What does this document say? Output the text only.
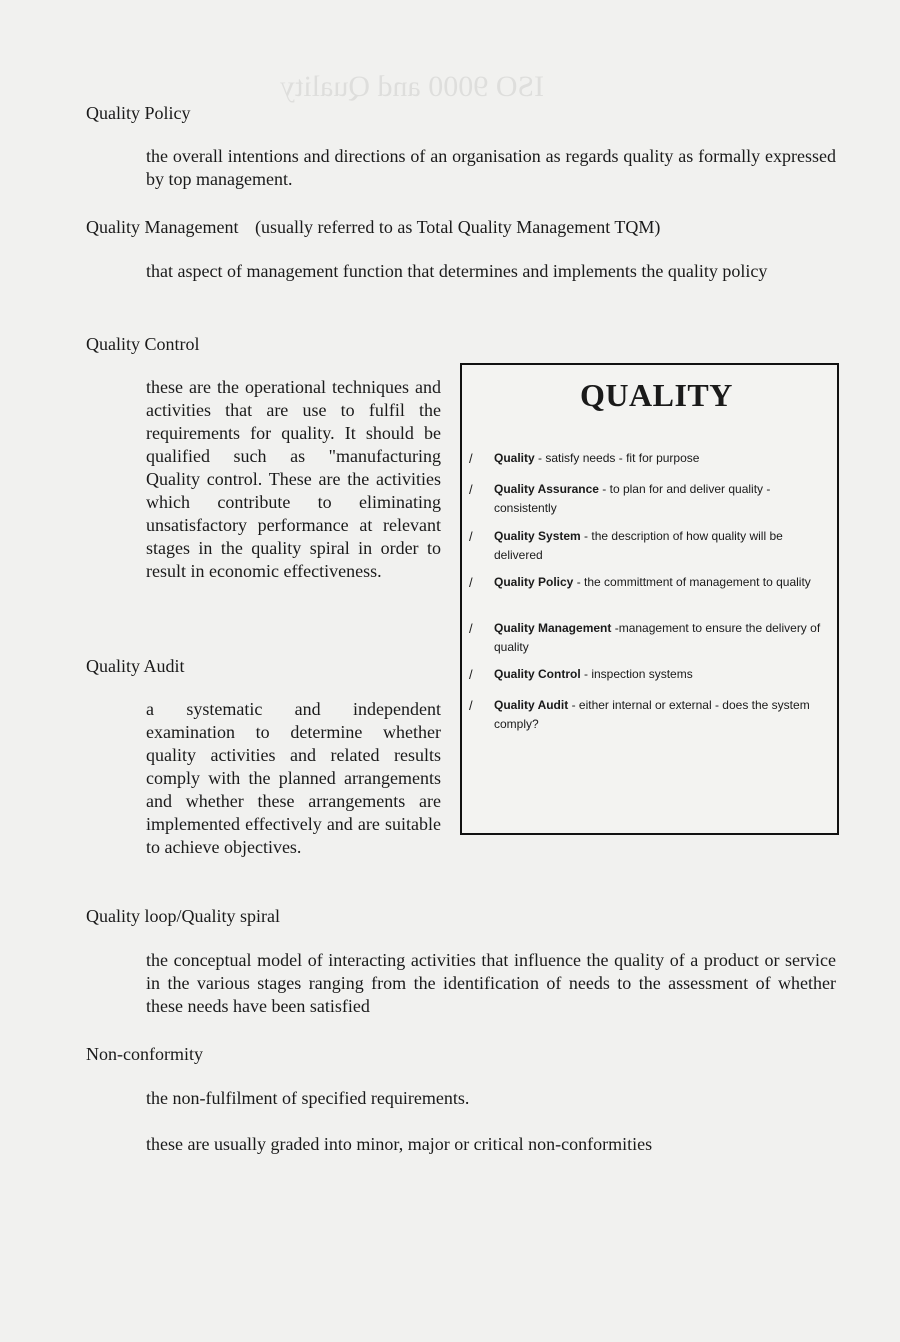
ISO 9000 and Quality
Quality Policy
the overall intentions and directions of an organisation as regards quality as formally expressed by top management.
Quality Management (usually referred to as Total Quality Management TQM)
that aspect of management function that determines and implements the quality policy
Quality Control
these are the operational techniques and activities that are use to fulfil the requirements for quality. It should be qualified such as "manufacturing Quality control. These are the activities which contribute to eliminating unsatisfactory performance at relevant stages in the quality spiral in order to result in economic effectiveness.
Quality Audit
a systematic and independent examination to determine whether quality activities and related results comply with the planned arrangements and whether these arrangements are implemented effectively and are suitable to achieve objectives.
Quality loop/Quality spiral
the conceptual model of interacting activities that influence the quality of a product or service in the various stages ranging from the identification of needs to the assessment of whether these needs have been satisfied
Non-conformity
the non-fulfilment of specified requirements.
these are usually graded into minor, major or critical non-conformities
QUALITY
/ Quality - satisfy needs - fit for purpose
/ Quality Assurance - to plan for and deliver quality - consistently
/ Quality System - the description of how quality will be delivered
/ Quality Policy - the committment of management to quality
/ Quality Management -management to ensure the delivery of quality
/ Quality Control - inspection systems
/ Quality Audit - either internal or external - does the system comply?
